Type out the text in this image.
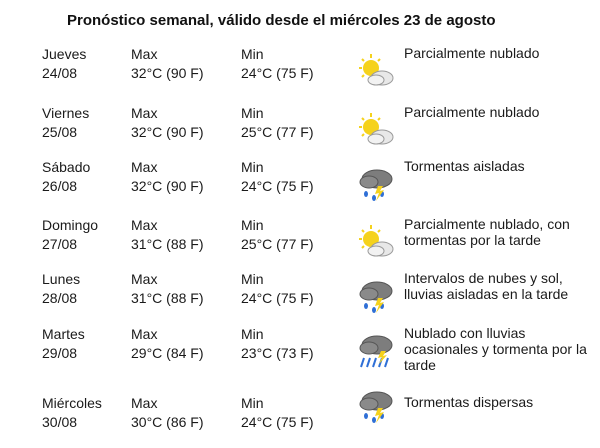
Pronóstico semanal, válido desde el miércoles 23 de agosto
Jueves
24/08
Max
32°C (90 F)
Min
24°C (75 F)
Parcialmente nublado
Viernes
25/08
Max
32°C (90 F)
Min
25°C (77 F)
Parcialmente nublado
Sábado
26/08
Max
32°C (90 F)
Min
24°C (75 F)
Tormentas aisladas
Domingo
27/08
Max
31°C (88 F)
Min
25°C (77 F)
Parcialmente nublado, con tormentas por la tarde
Lunes
28/08
Max
31°C (88 F)
Min
24°C (75 F)
Intervalos de nubes y sol, lluvias aisladas en la tarde
Martes
29/08
Max
29°C (84 F)
Min
23°C (73 F)
Nublado con lluvias ocasionales y tormenta por la tarde
Miércoles
30/08
Max
30°C (86 F)
Min
24°C (75 F)
Tormentas dispersas
